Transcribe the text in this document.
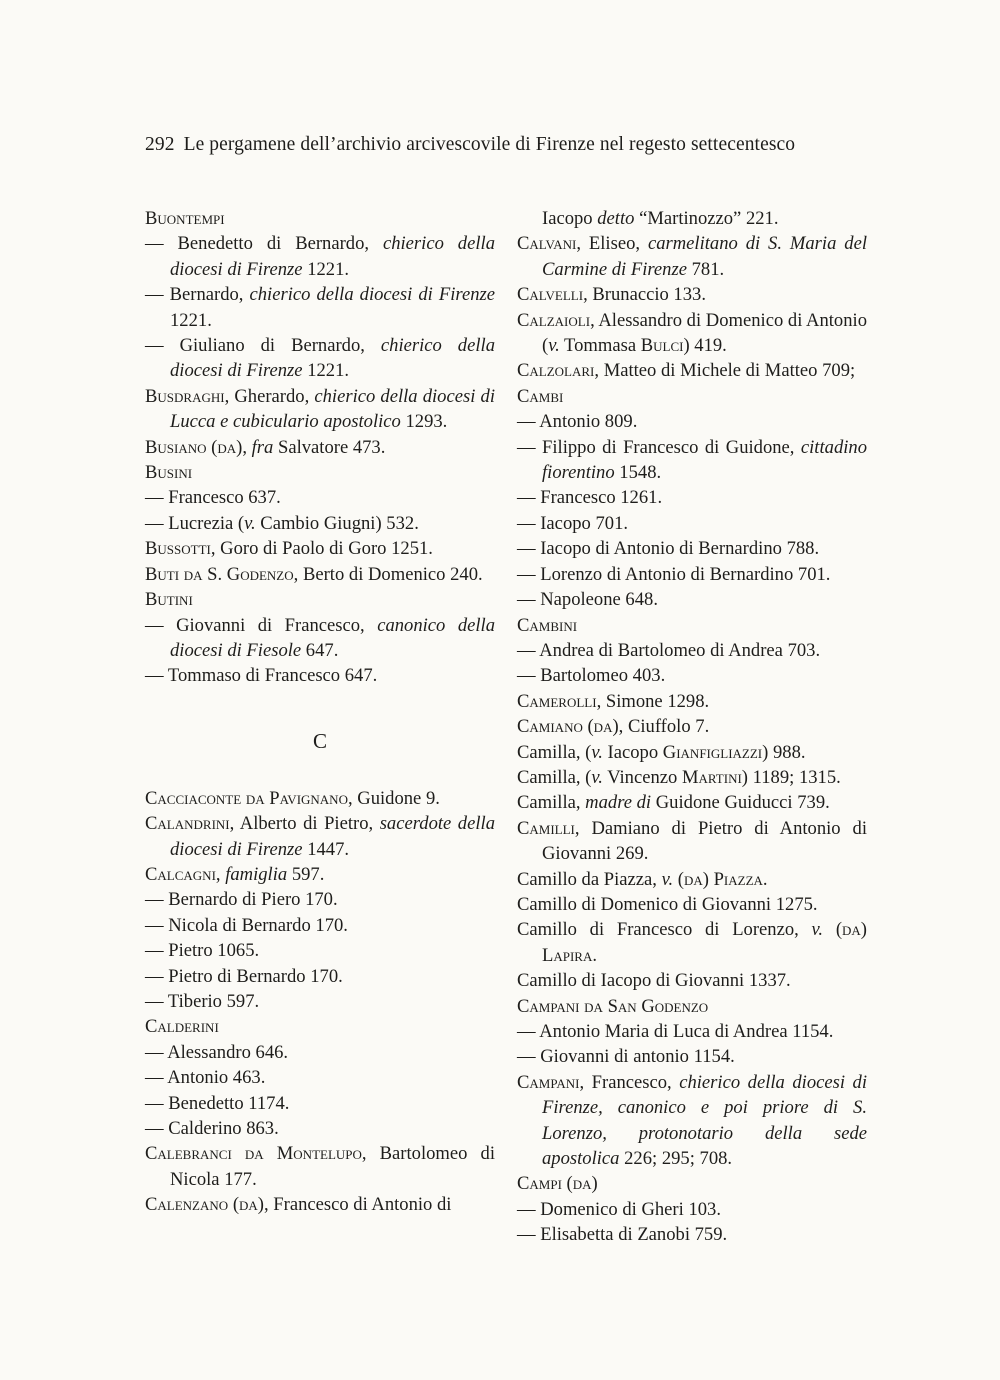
292 Le pergamene dell’archivio arcivescovile di Firenze nel regesto settecentesco
Buontempi
— Benedetto di Bernardo, chierico della diocesi di Firenze 1221.
— Bernardo, chierico della diocesi di Firenze 1221.
— Giuliano di Bernardo, chierico della diocesi di Firenze 1221.
Busdraghi, Gherardo, chierico della diocesi di Lucca e cubiculario apostolico 1293.
Busiano (da), fra Salvatore 473.
Busini
— Francesco 637.
— Lucrezia (v. Cambio Giugni) 532.
Bussotti, Goro di Paolo di Goro 1251.
Buti da S. Godenzo, Berto di Domenico 240.
Butini
— Giovanni di Francesco, canonico della diocesi di Fiesole 647.
— Tommaso di Francesco 647.
C
Cacciaconte da Pavignano, Guidone 9.
Calandrini, Alberto di Pietro, sacerdote della diocesi di Firenze 1447.
Calcagni, famiglia 597.
— Bernardo di Piero 170.
— Nicola di Bernardo 170.
— Pietro 1065.
— Pietro di Bernardo 170.
— Tiberio 597.
Calderini
— Alessandro 646.
— Antonio 463.
— Benedetto 1174.
— Calderino 863.
Calebranci da Montelupo, Bartolomeo di Nicola 177.
Calenzano (da), Francesco di Antonio di
Iacopo detto “Martinozzo” 221.
Calvani, Eliseo, carmelitano di S. Maria del Carmine di Firenze 781.
Calvelli, Brunaccio 133.
Calzaioli, Alessandro di Domenico di Antonio (v. Tommasa Bulci) 419.
Calzolari, Matteo di Michele di Matteo 709;
Cambi
— Antonio 809.
— Filippo di Francesco di Guidone, cittadino fiorentino 1548.
— Francesco 1261.
— Iacopo 701.
— Iacopo di Antonio di Bernardino 788.
— Lorenzo di Antonio di Bernardino 701.
— Napoleone 648.
Cambini
— Andrea di Bartolomeo di Andrea 703.
— Bartolomeo 403.
Camerolli, Simone 1298.
Camiano (da), Ciuffolo 7.
Camilla, (v. Iacopo Gianfigliazzi) 988.
Camilla, (v. Vincenzo Martini) 1189; 1315.
Camilla, madre di Guidone Guiducci 739.
Camilli, Damiano di Pietro di Antonio di Giovanni 269.
Camillo da Piazza, v. (da) Piazza.
Camillo di Domenico di Giovanni 1275.
Camillo di Francesco di Lorenzo, v. (da) Lapira.
Camillo di Iacopo di Giovanni 1337.
Campani da San Godenzo
— Antonio Maria di Luca di Andrea 1154.
— Giovanni di antonio 1154.
Campani, Francesco, chierico della diocesi di Firenze, canonico e poi priore di S. Lorenzo, protonotario della sede apostolica 226; 295; 708.
Campi (da)
— Domenico di Gheri 103.
— Elisabetta di Zanobi 759.
